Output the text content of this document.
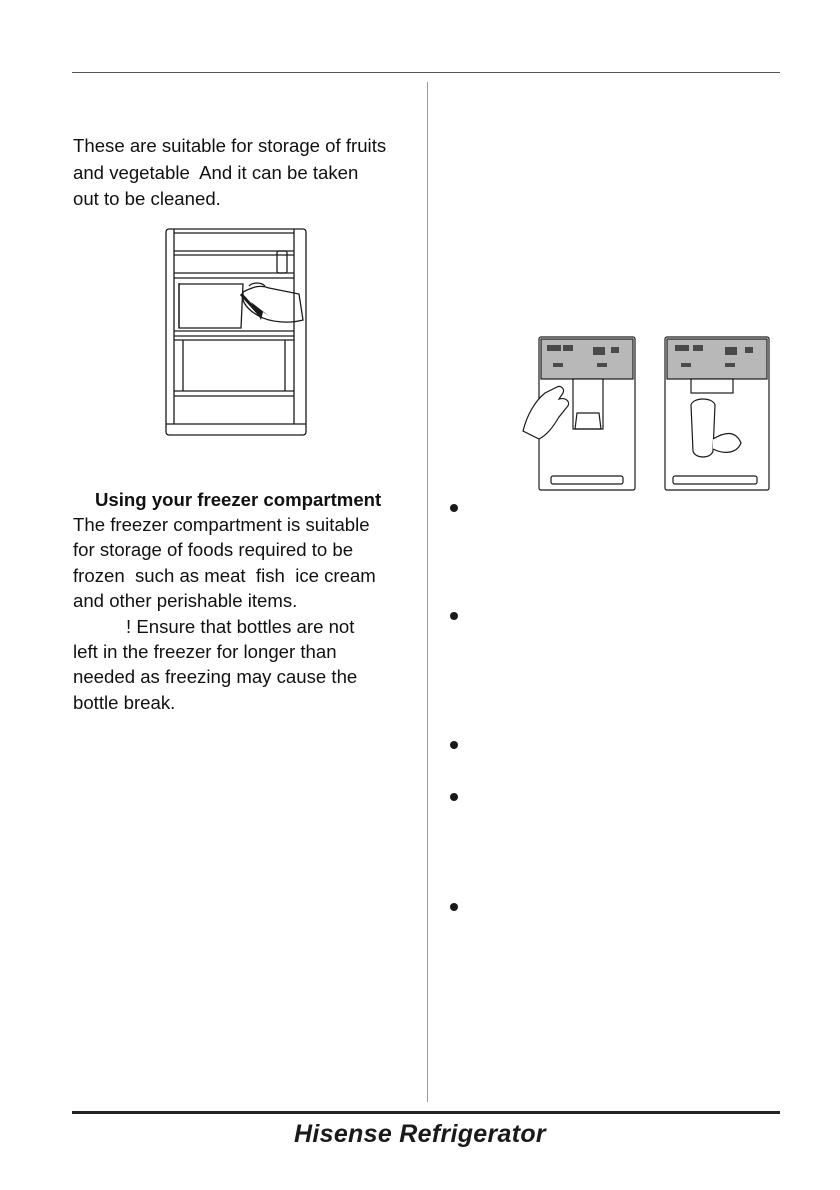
These are suitable for storage of fruits
and vegetable  And it can be taken
out to be cleaned.

Using your freezer compartment

The freezer compartment is suitable
for storage of foods required to be
frozen  such as meat  fish  ice cream
and other perishable items.
! Ensure that bottles are not
left in the freezer for longer than
needed as freezing may cause the
bottle break.

Hisense Refrigerator
